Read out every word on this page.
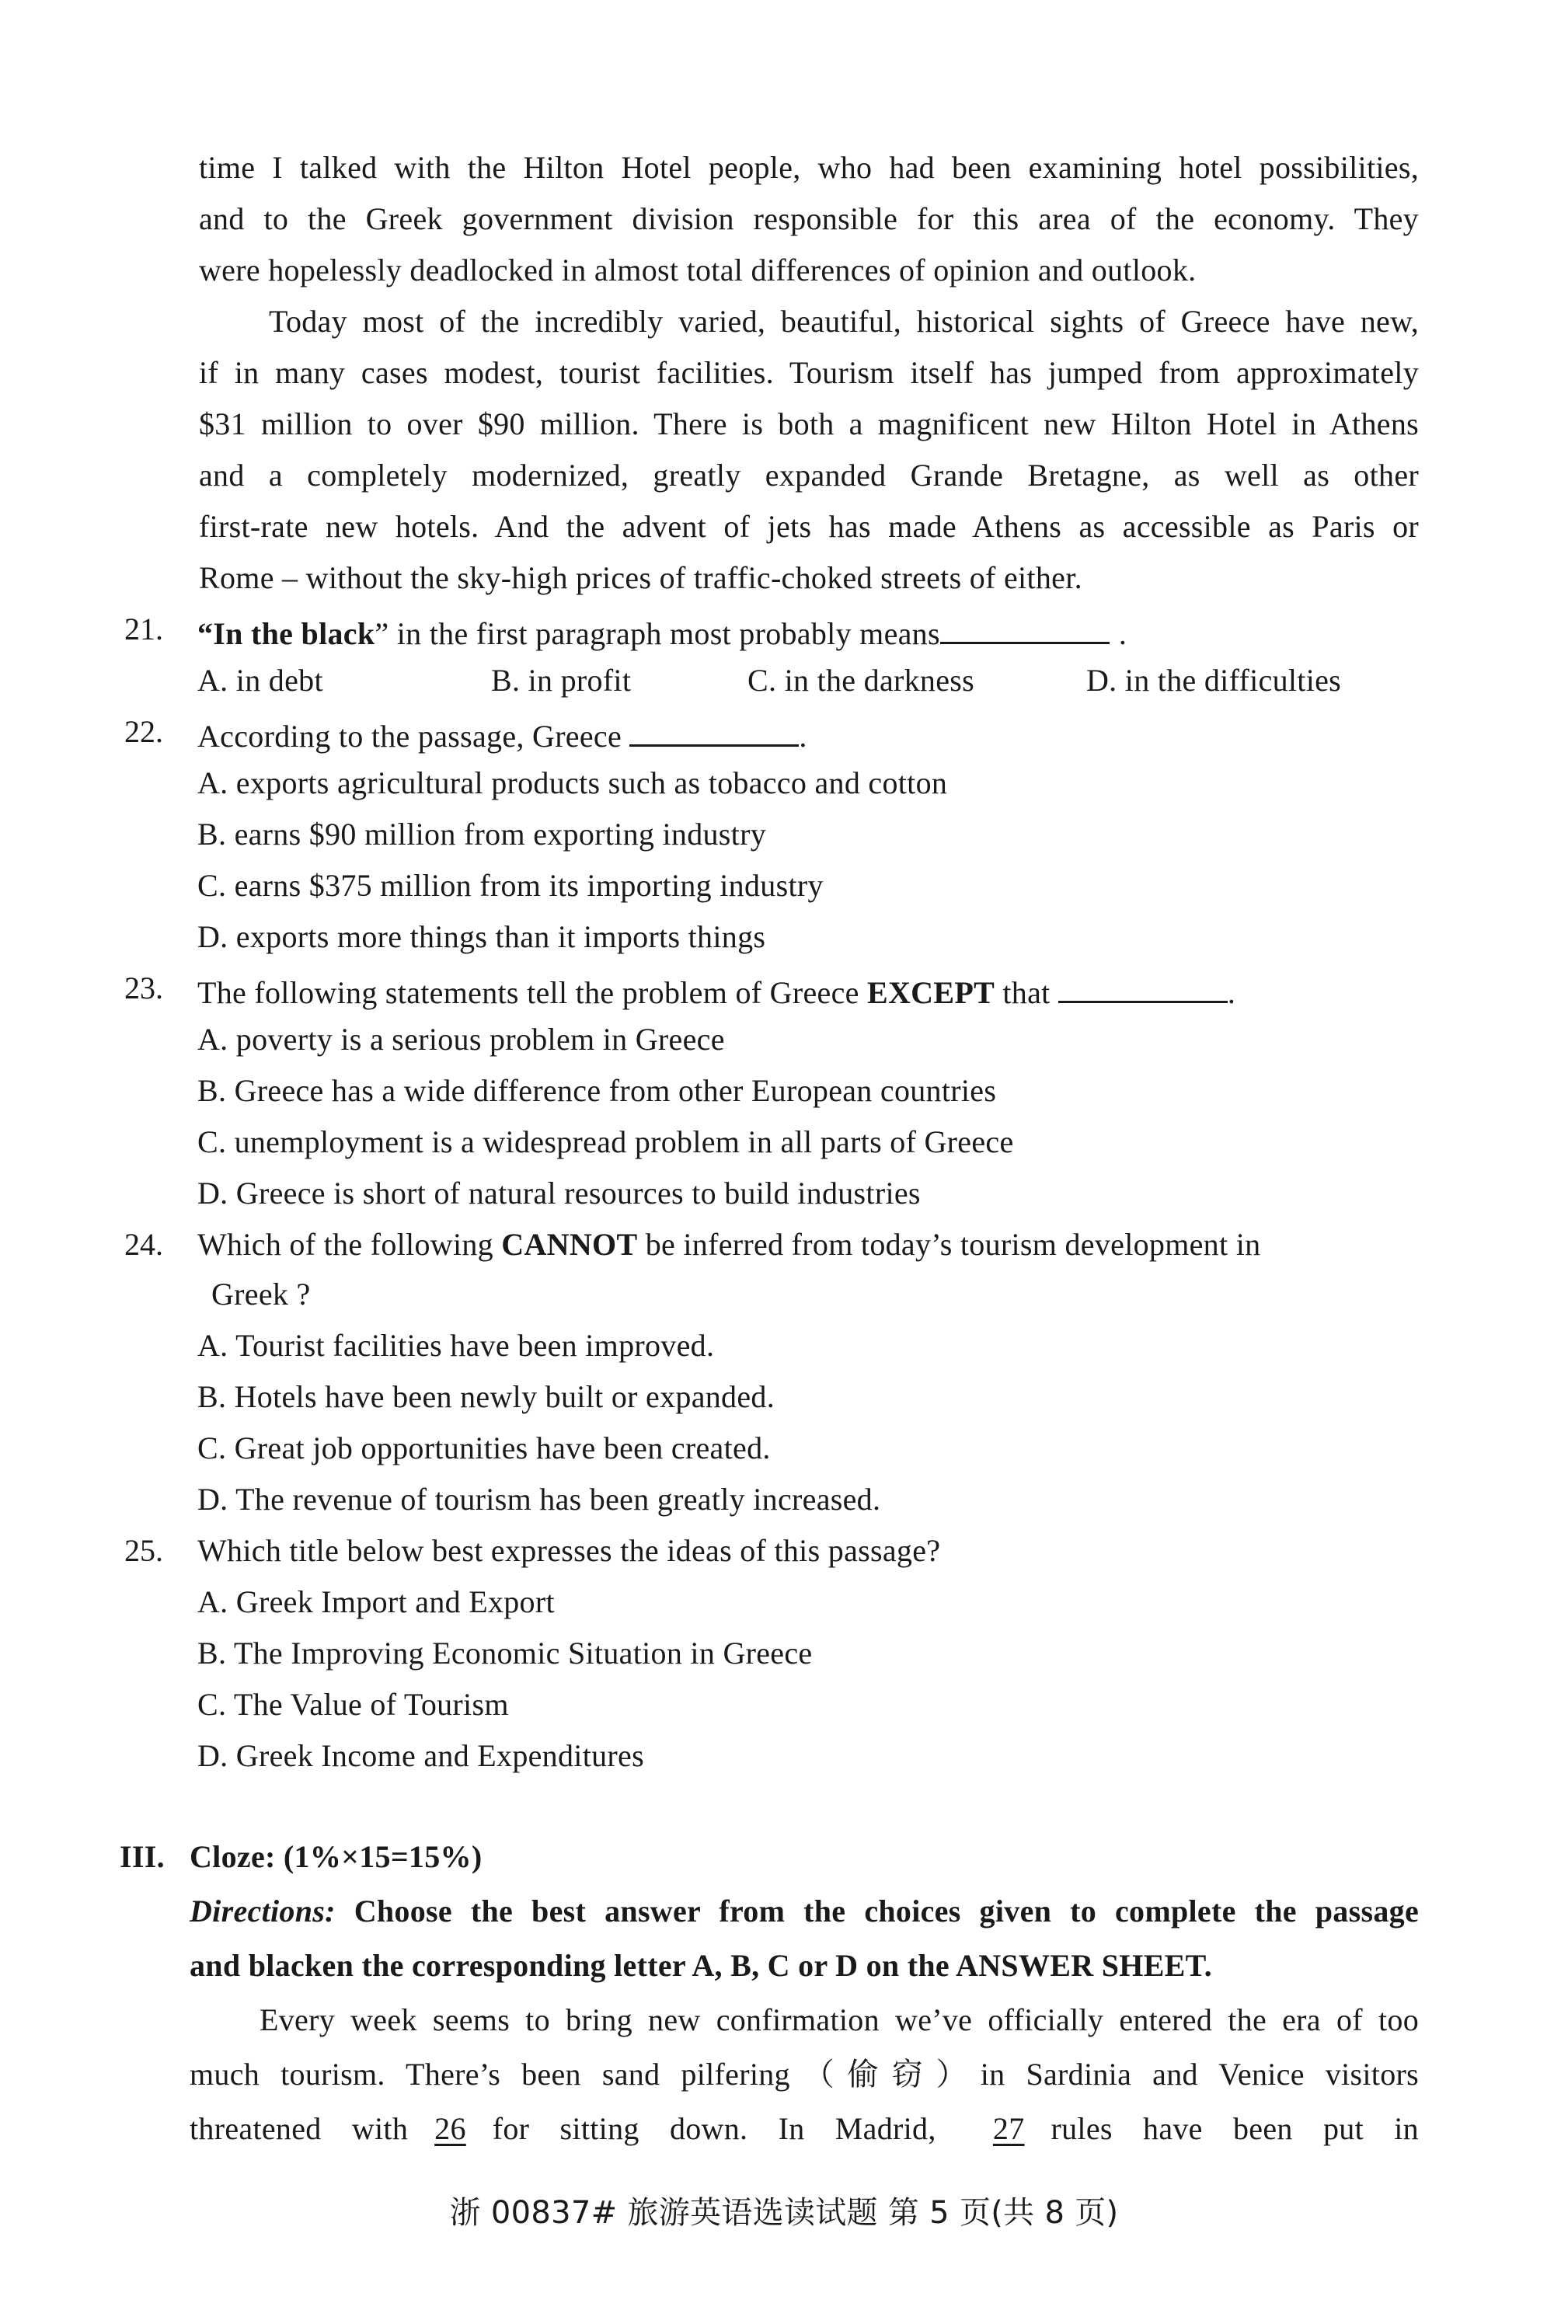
time I talked with the Hilton Hotel people, who had been examining hotel possibilities,
and to the Greek government division responsible for this area of the economy. They
were hopelessly deadlocked in almost total differences of opinion and outlook.
Today most of the incredibly varied, beautiful, historical sights of Greece have new,
if in many cases modest, tourist facilities. Tourism itself has jumped from approximately
$31 million to over $90 million. There is both a magnificent new Hilton Hotel in Athens
and a completely modernized, greatly expanded Grande Bretagne, as well as other
first-rate new hotels. And the advent of jets has made Athens as accessible as Paris or
Rome – without the sky-high prices of traffic-choked streets of either.
21. “In the black” in the first paragraph most probably means	.
A. in debt	B. in profit	C. in the darkness	D. in the difficulties
22. According to the passage, Greece	.
A. exports agricultural products such as tobacco and cotton
B. earns $90 million from exporting industry
C. earns $375 million from its importing industry
D. exports more things than it imports things
23. The following statements tell the problem of Greece EXCEPT that	.
A. poverty is a serious problem in Greece
B. Greece has a wide difference from other European countries
C. unemployment is a widespread problem in all parts of Greece
D. Greece is short of natural resources to build industries
24. Which of the following CANNOT be inferred from today’s tourism development in
Greek ?
A. Tourist facilities have been improved.
B. Hotels have been newly built or expanded.
C. Great job opportunities have been created.
D. The revenue of tourism has been greatly increased.
25. Which title below best expresses the ideas of this passage?
A. Greek Import and Export
B. The Improving Economic Situation in Greece
C. The Value of Tourism
D. Greek Income and Expenditures
III. Cloze: (1%×15=15%)
Directions: Choose the best answer from the choices given to complete the passage
and blacken the corresponding letter A, B, C or D on the ANSWER SHEET.
Every week seems to bring new confirmation we’ve officially entered the era of too
much tourism. There’s been sand pilfering（偷窃）in Sardinia and Venice visitors
threatened with 26 for sitting down. In Madrid, 27 rules have been put in
浙 00837# 旅游英语选读试题 第 5 页(共 8 页)
